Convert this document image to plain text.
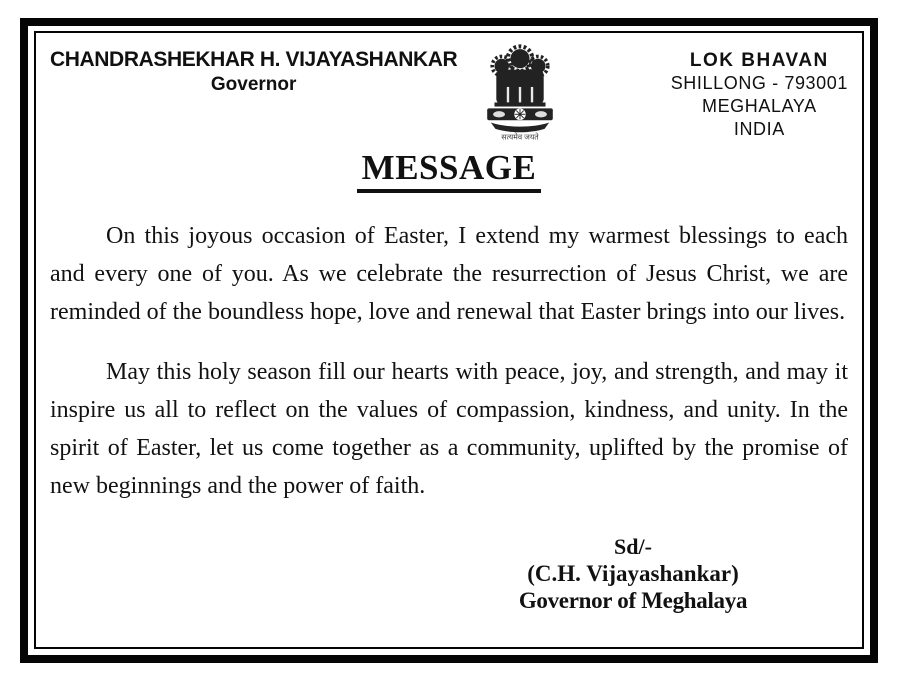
CHANDRASHEKHAR H. VIJAYASHANKAR
Governor
सत्यमेव जयते
LOK BHAVAN
SHILLONG - 793001
MEGHALAYA
INDIA
MESSAGE

On this joyous occasion of Easter, I extend my warmest blessings to each and every one of you. As we celebrate the resurrection of Jesus Christ, we are reminded of the boundless hope, love and renewal that Easter brings into our lives.

May this holy season fill our hearts with peace, joy, and strength, and may it inspire us all to reflect on the values of compassion, kindness, and unity. In the spirit of Easter, let us come together as a community, uplifted by the promise of new beginnings and the power of faith.

Sd/-
(C.H. Vijayashankar)
Governor of Meghalaya
